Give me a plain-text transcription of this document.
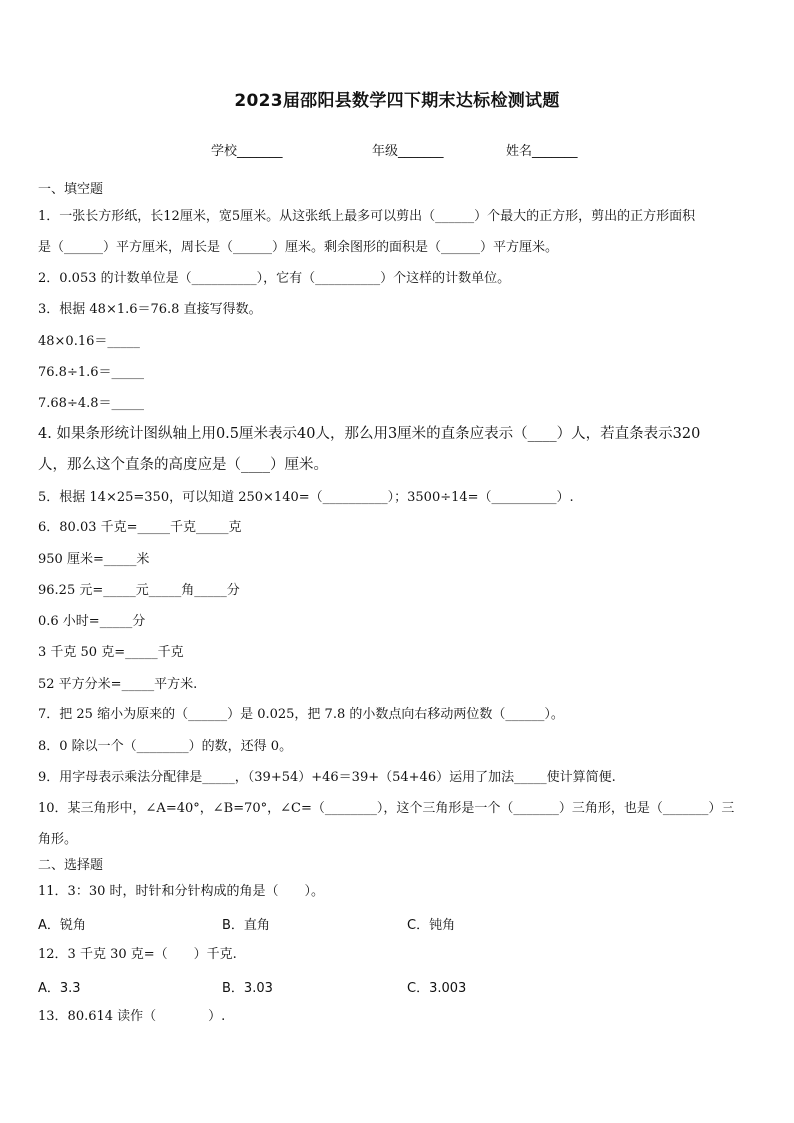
2023届邵阳县数学四下期末达标检测试题
学校_______	年级_______	姓名_______
一、填空题
1．一张长方形纸，长12厘米，宽5厘米。从这张纸上最多可以剪出（______）个最大的正方形，剪出的正方形面积
是（______）平方厘米，周长是（______）厘米。剩余图形的面积是（______）平方厘米。
2．0.053 的计数单位是（__________），它有（__________）个这样的计数单位。
3．根据 48×1.6＝76.8 直接写得数。
48×0.16＝_____
76.8÷1.6＝_____
7.68÷4.8＝_____
4. 如果条形统计图纵轴上用0.5厘米表示40人，那么用3厘米的直条应表示（____）人，若直条表示320
人，那么这个直条的高度应是（____）厘米。
5．根据 14×25=350，可以知道 250×140=（__________）；3500÷14=（__________）.
6．80.03 千克=_____千克_____克
950 厘米=_____米
96.25 元=_____元_____角_____分
0.6 小时=_____分
3 千克 50 克=_____千克
52 平方分米=_____平方米.
7．把 25 缩小为原来的（______）是 0.025，把 7.8 的小数点向右移动两位数（______）。
8．0 除以一个（________）的数，还得 0。
9．用字母表示乘法分配律是_____，（39+54）+46＝39+（54+46）运用了加法_____使计算简便.
10．某三角形中，∠A=40°，∠B=70°，∠C=（________），这个三角形是一个（_______）三角形，也是（_______）三
角形。
二、选择题
11．3：30 时，时针和分针构成的角是（　　）。
A．锐角	B．直角	C．钝角
12．3 千克 30 克=（　　）千克.
A．3.3	B．3.03	C．3.003
13．80.614 读作（　　　　）.
